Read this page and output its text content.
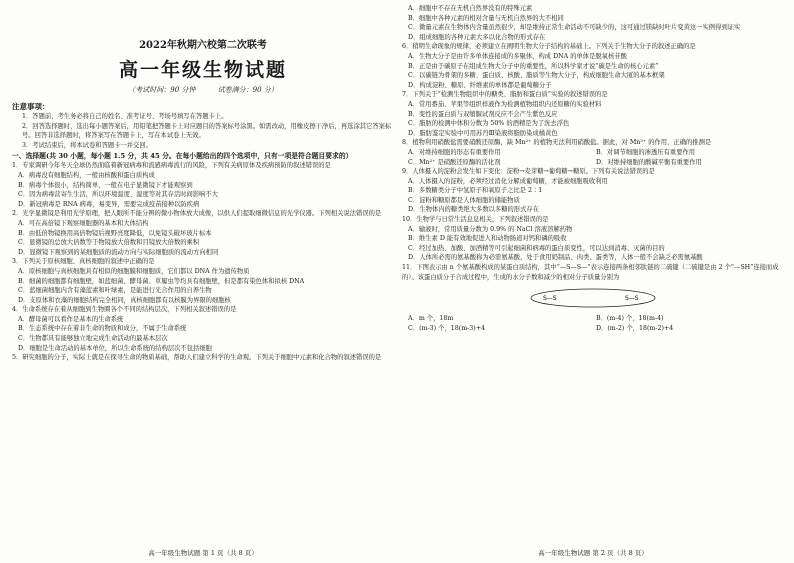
2022年秋期六校第二次联考
高一年级生物试题
（考试时间：90 分钟	试卷满分：90 分）
注意事项：

1．答题前，考生务必将自己的姓名、准考证号、考场号填写在答题卡上。

2．回答选择题时，选出每小题答案后，用铅笔把答题卡上对应题目的答案标号涂黑。如需改动，用橡皮擦干净后，再选涂其它答案标号。回答非选择题时，将答案写在答题卡上，写在本试卷上无效。

3．考试结束后，将本试卷和答题卡一并交回。

一、选择题(共 30 小题，每小题 1.5 分，共 45 分。在每小题给出的四个选项中，只有一项是符合题目要求的）
1．专家调研今年冬天全球仍然面临着新冠病毒和流感病毒流行的风险，下列有关病原体及疾病预防的叙述错误的是
A．病毒没有细胞结构，一般由核酸和蛋白质构成
B．病毒个体很小，结构简单，一般在电子显微镜下才能观察到
C．因为病毒营寄生生活，所以环境温度、湿度等对其存活时间影响不大
D．新冠病毒是 RNA 病毒，易变异，需要完成疫苗接种以防疾病
2．光学显微镜是利用光学原理，把人眼所不能分辨的微小物体放大成像，以供人们提取细微信息的光学仪器。下列相关说法错误的是
A．可在高倍镜下观察细胞器的基本和大体结构
B．由低倍物镜换用高倍物镜后视野亮度降低，以免镜头破坏玻片标本
C．显微镜的总放大倍数等于物镜放大倍数和目镜放大倍数的乘积
D．显微镜下观察到的某细胞质的流动方向与实际细胞质的流动方向相同
3．下列关于原核细胞、真核细胞的叙述中正确的是
A．原核细胞与真核细胞具有相似的细胞膜和细胞质，它们都以 DNA 作为遗传物质
B．细菌的细胞都有细胞壁，如蓝细菌、酵母菌、草履虫等均具有细胞壁，但是都有染色体和拟核 DNA
C．蓝细菌细胞内含有藻蓝素和叶绿素，是能进行光合作用的自养生物
D．支原体和衣藻的细胞结构完全相同，真核细胞都有以核膜为界限的细胞核
4．生命系统存在着从细胞到生物圈各个不同的结构层次，下列相关叙述错误的是
A．酵母菌可以看作是基本的生命系统
B．生态系统中存在着非生命的物质和成分，不属于生命系统
C．生物都具有能够独立地完成生命活动的最基本层次
D．细胞是生命活动的基本单位，所以生命系统的结构层次不包括细胞
5．研究细胞的分子，实际上就是在探寻生命的物质基础，帮助人们建立科学的生命观。下列关于细胞中元素和化合物的叙述错误的是
高一年级生物试题 第 1 页（共 8 页）
A．细胞中不存在无机自然界没有的特殊元素
B．细胞中各种元素的相对含量与无机自然界的大不相同
C．微量元素在生物体内含量虽然很少，却是维持正常生命活动不可缺少的，这可通过镁缺时叶片变黄这一实例得到证实
D．组成细胞的各种元素大多以化合物的形式存在
6．稍明生命现象的规律，必须建立在阐明生物大分子结构的基础上。下列关于生物大分子的叙述正确的是
A．生物大分子是由许多单体连接成的多聚体，构成 DNA 的单体是脱氧核苷酸
B．正是由于碳原子在组成生物大分子中的重要性，所以科学家才说“碳是生命的核心元素”
C．以碳链为骨架的多糖、蛋白质、核酸、脂质等生物大分子，构成细胞生命大厦的基本框架
D．构成淀粉、糖原、纤维素的单体都是葡萄糖分子
7．下列关于“检测生物组织中的糖类、脂肪和蛋白质”实验的叙述错误的是
A．常用番茄、苹果等组织样液作为检测植物组织内还原糖的实验材料
B．变性的蛋白质与双缩脲试剂反应不会产生紫色反应
C．脂肪的检测中体积分数为 50% 的酒精是为了洗去浮色
D．脂肪鉴定实验中可用苏丹Ⅲ染液将脂肪染成橘黄色
8．植物利用硝酸盐需要硝酸还原酶，缺 Mn²⁺ 的植物无法利用硝酸盐。据此，对 Mn²⁺ 的作用，正确的推测是
A．对维持细胞的形态有重要作用	B．对调节细胞的渗透压有重要作用
C．Mn²⁺ 是硝酸还原酶的活化剂	D．对维持细胞的酸碱平衡有重要作用
9．人体摄入的淀粉会发生如下变化：淀粉→麦芽糖→葡萄糖→糖原。下列有关说法错误的是
A．人体摄入的淀粉，必须经过消化分解成葡萄糖，才能被细胞吸收利用
B．多数糖类分子中氢原子和氧原子之比是 2∶1
C．淀粉和糖原都是人体细胞的储能物质
D．生物体内的糖类绝大多数以多糖的形式存在
10．生物学与日常生活息息相关，下列叙述错误的是
A．输液时，常用质量分数为 0.9% 的 NaCl 溶液溶解药物
B．维生素 D 能有效地促进人和动物肠道对钙和磷的吸收
C．经过加热、加酸、加酒精等可引起细菌和病毒的蛋白质变性，可以达到消毒、灭菌的目的
D．人体所必需的氨基酸称为必需氨基酸，处于食用奶制品、肉类、蛋类等，人体一般不会缺乏必需氨基酸
11．下图表示由 n 个氨基酸构成的某蛋白质结构，其中“—S—S—”表示连接两条相邻肽链的二硫键（二硫键是由 2 个“—SH”连接而成的）。该蛋白质分子合成过程中，生成的水分子数和减少的相对分子质量分别为
S—S	S—S
A．m 个，18m	B．(m-4) 个，18(m-4)
C．(m-3) 个，18(m-3)+4	D．(m-2) 个，18(m-2)+4
高一年级生物试题 第 2 页（共 8 页）
